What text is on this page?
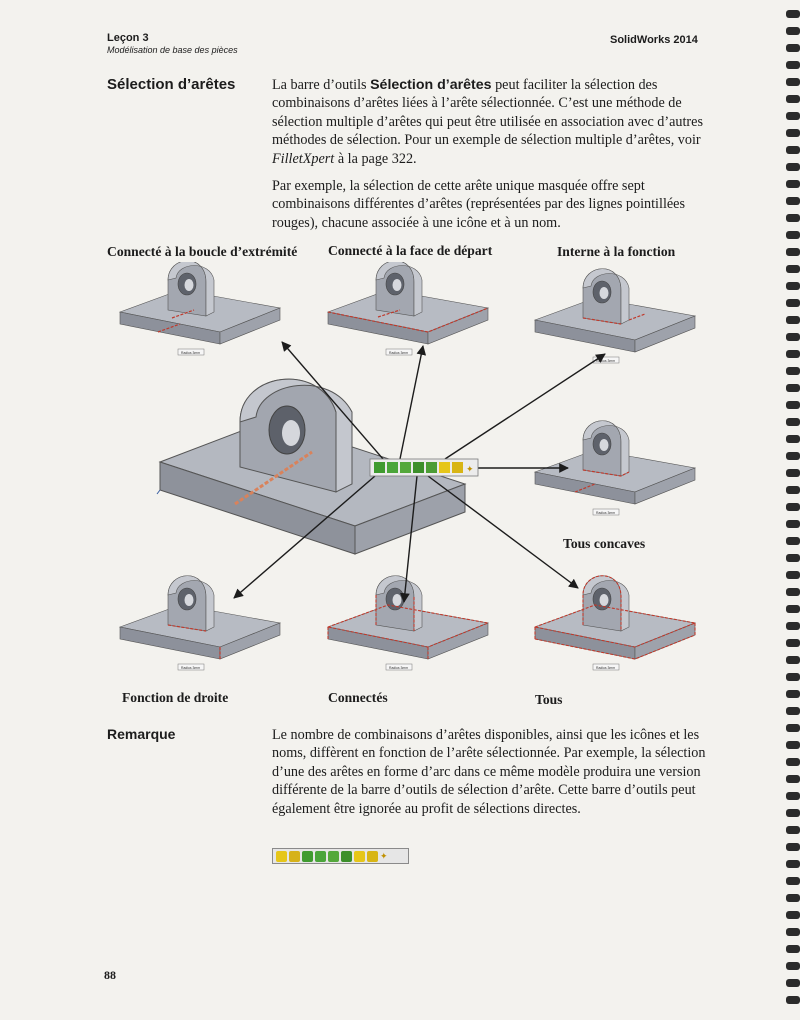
Leçon 3
Modélisation de base des pièces
SolidWorks 2014
Sélection d’arêtes	La barre d’outils Sélection d’arêtes peut faciliter la sélection des combinaisons d’arêtes liées à l’arête sélectionnée. C’est une méthode de sélection multiple d’arêtes qui peut être utilisée en association avec d’autres méthodes de sélection. Pour un exemple de sélection multiple d’arêtes, voir FilletXpert à la page 322.
Par exemple, la sélection de cette arête unique masquée offre sept combinaisons différentes d’arêtes (représentées par des lignes pointillées rouges), chacune associée à une icône et à un nom.
Connecté à la boucle d’extrémité Connecté à la face de départ	Interne à la fonction
Tous concaves
Fonction de droite	Connectés	Tous
Radius 3mm	Radius 3mm
Radius 3mm
Radius 3mm
Radius 3mm	Radius 3mm	Radius 3mm
✦
Remarque	Le nombre de combinaisons d’arêtes disponibles, ainsi que les icônes et les noms, diffèrent en fonction de l’arête sélectionnée. Par exemple, la sélection d’une des arêtes en forme d’arc dans ce même modèle produira une version différente de la barre d’outils de sélection d’arête. Cette barre d’outils peut également être ignorée au profit de sélections directes.
✦
88
